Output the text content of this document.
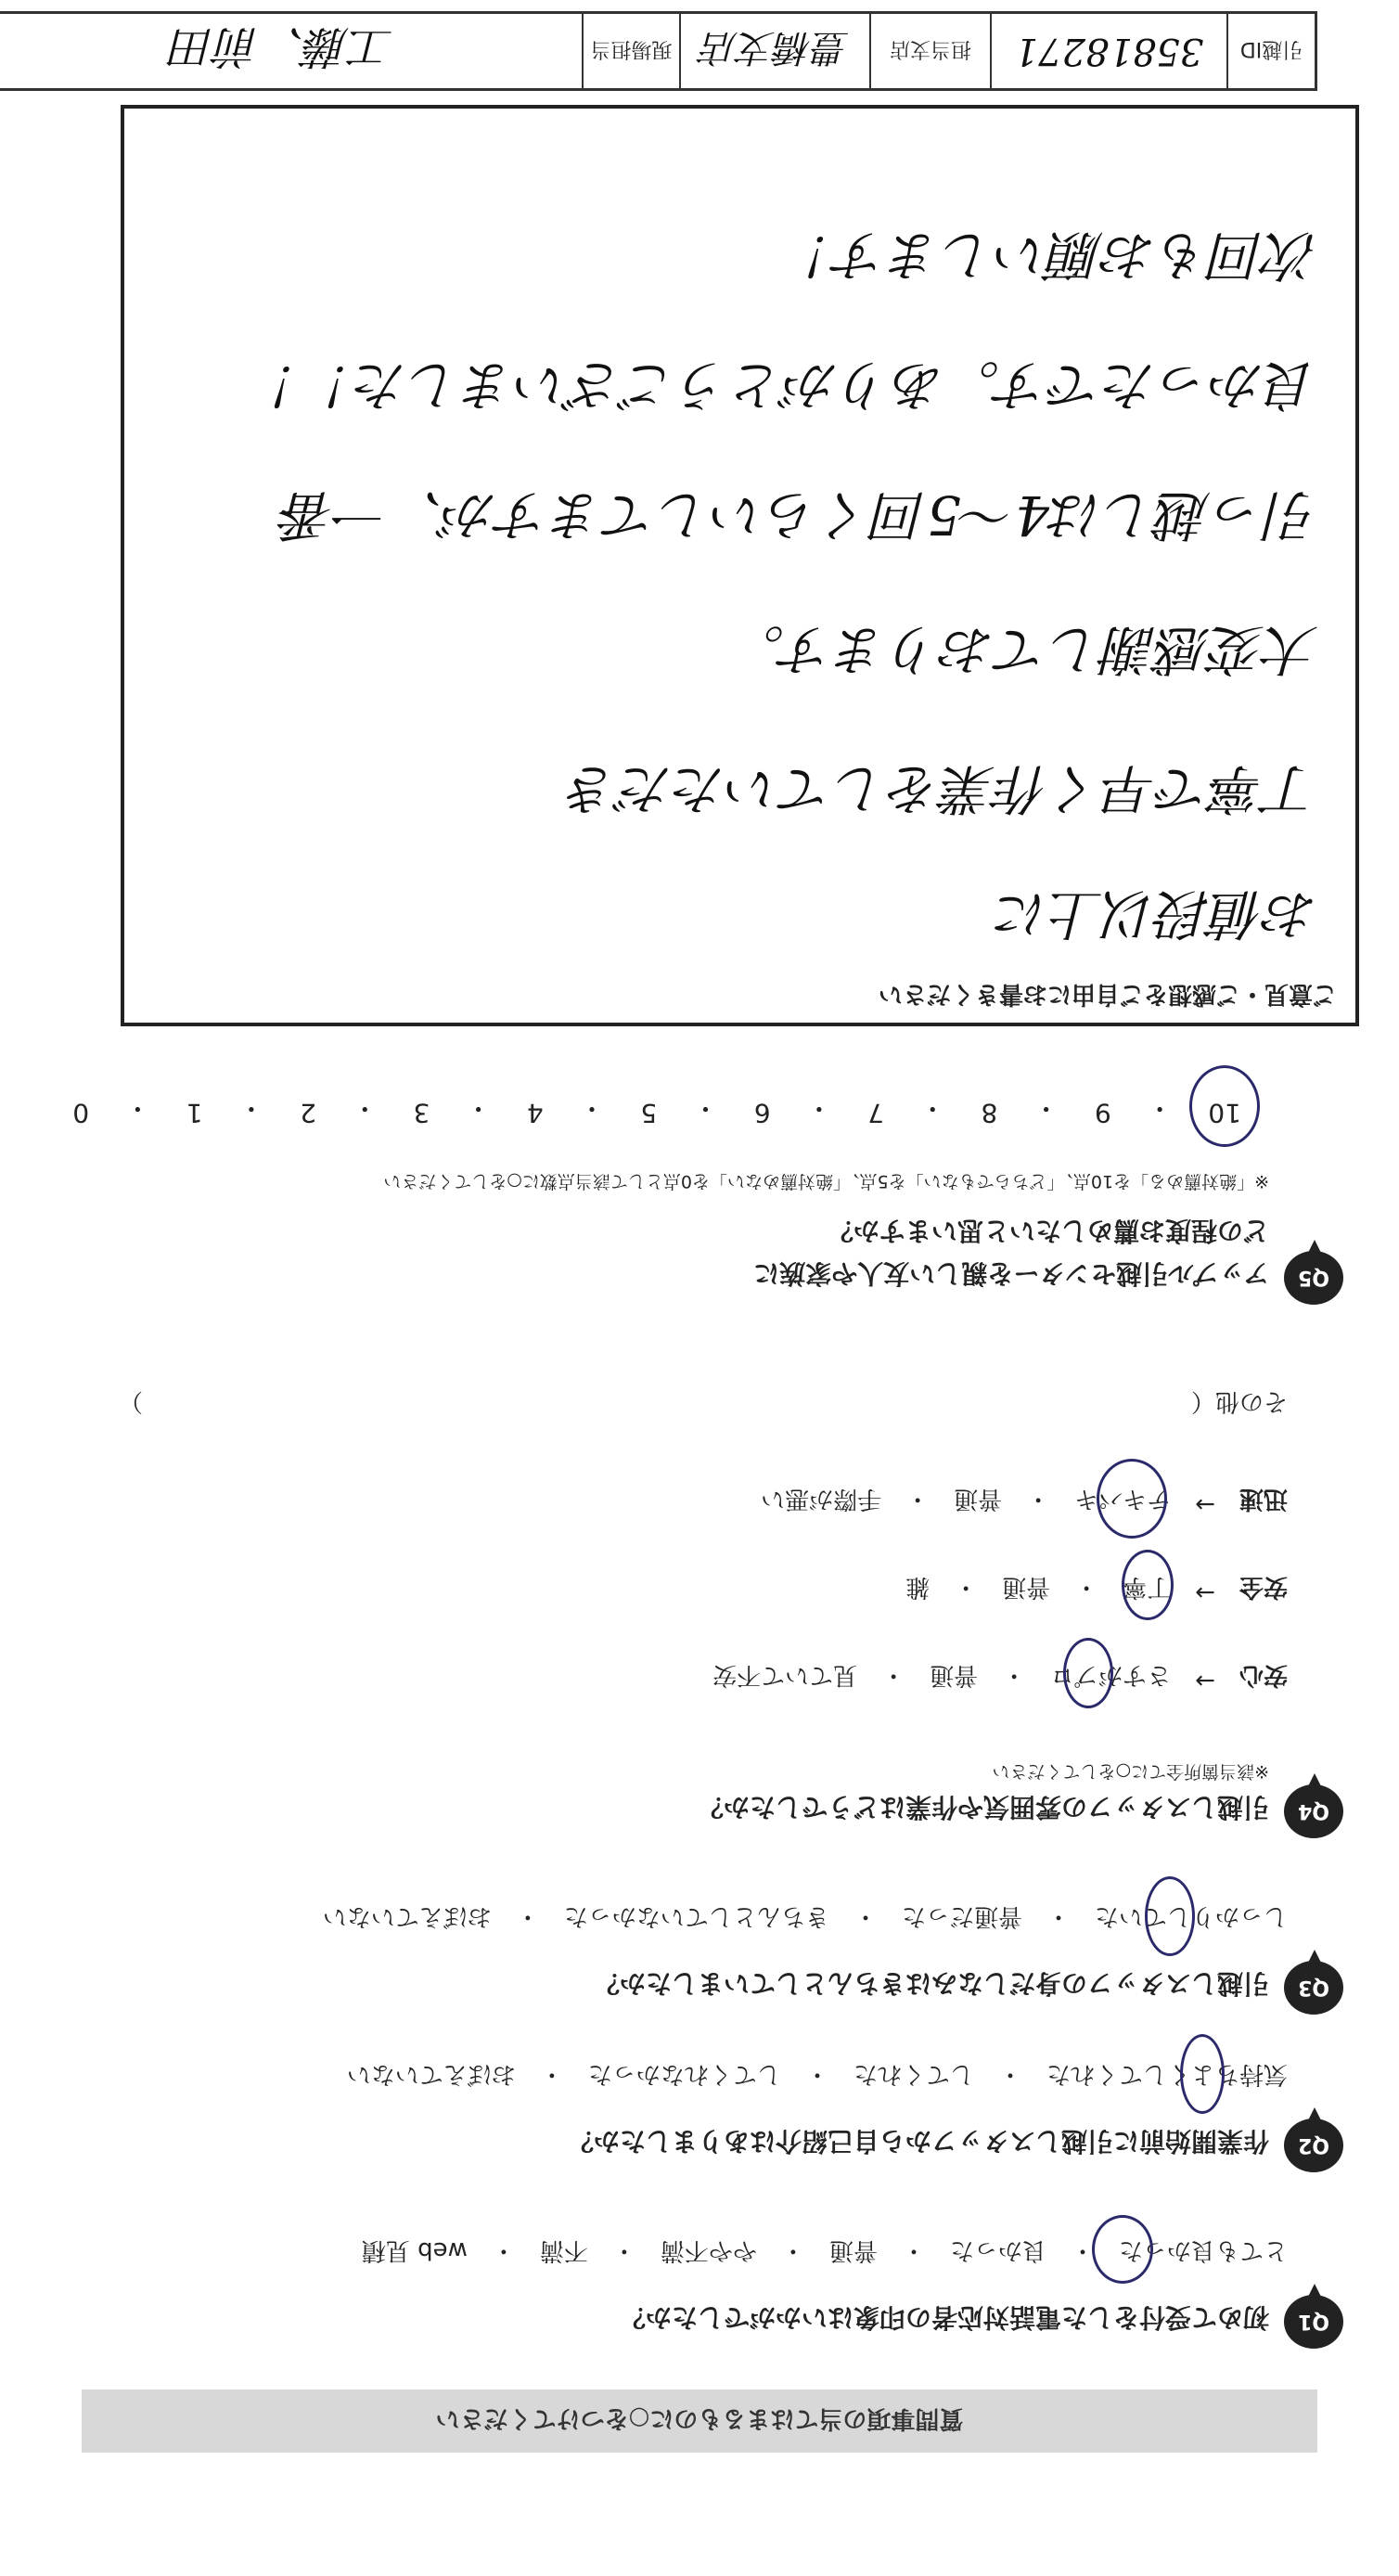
引越ID
35818271
担当支店
豊橋支店
現場担当
工藤、前田
質問事項の当てはまるものに○をつけてください
Q1
初めて受付をした電話対応者の印象はいかがでしたか？
とても良かった
・
良かった
・
普通
・
やや不満
・
不満
・
web 見積
Q2
作業開始前に引越しスタッフから自己紹介はありましたか？
気持ちよくしてくれた
・
してくれた
・
してくれなかった
・
おぼえていない
Q3
引越しスタッフの身だしなみはきちんとしていましたか？
しっかりしていた
・
普通だった
・
きちんとしていなかった
・
おぼえていない
Q4
引越しスタッフの雰囲気や作業はどうでしたか？
※該当箇所全てに○をしてください
安心
→
さすがプロ
・
普通
・
見ていて不安
安全
→
丁寧
・
普通
・
雑
迅速
→
テキパキ
・
普通
・
手際が悪い
その他（
）
Q5
アップル引越センターを親しい友人や家族に
どの程度お薦めしたいと思いますか？
※「絶対薦める」を10点、「どちらでもない」を5点、「絶対薦めない」を0点として該当点数に○をしてください
10
・
9
・
8
・
7
・
6
・
5
・
4
・
3
・
2
・
1
・
0
ご意見・ご感想をご自由にお書きください
お値段以上に
丁寧で早く作業をしていただき
大変感謝しております。
引っ越しは4～5回くらいしてますが、一番
良かったです。ありがとうございました！！
次回もお願いします！
